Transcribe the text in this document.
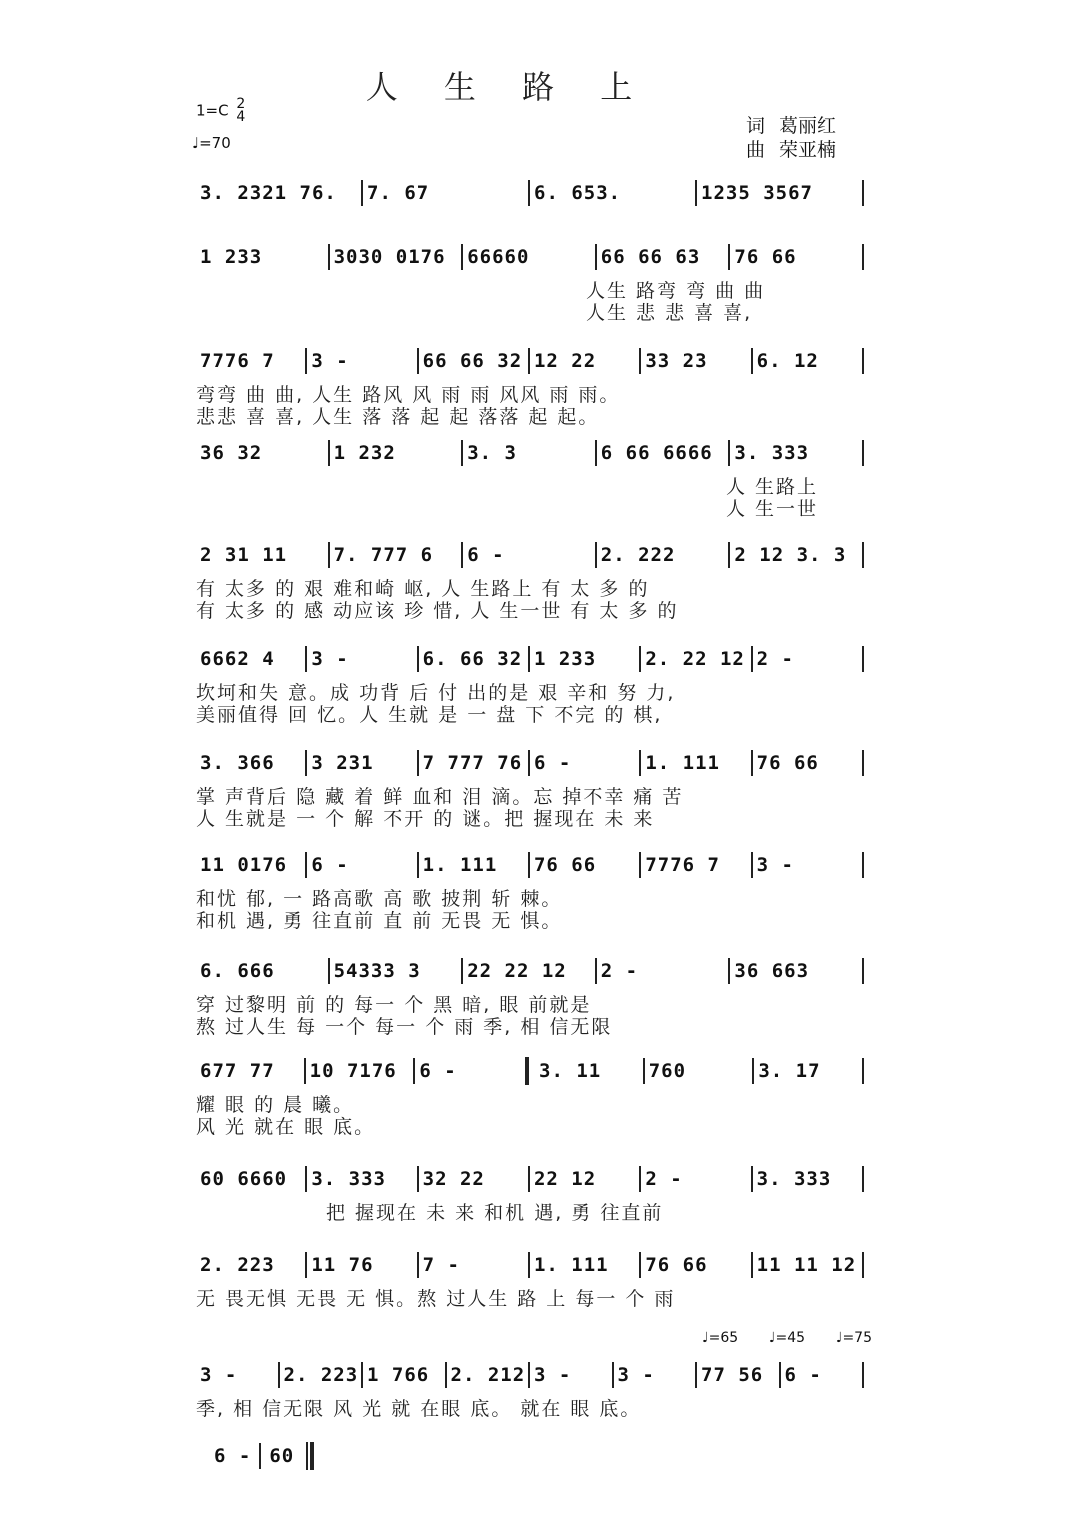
人 生 路 上
1=C 2
4
♩=70
词 葛丽红
曲 荣亚楠
3. 2321 76.	7. 67	6. 653.	1235 3567
1 233	3030 0176	66660	66 66 63	76 66
人生 路弯 弯 曲 曲
人生 悲 悲 喜 喜,
7776 7	3 -	66 66 32 12 22	33 23	6. 12
弯弯 曲 曲, 人生 路风 风 雨 雨 风风 雨 雨。
悲悲 喜 喜, 人生 落 落 起 起 落落 起 起。
36 32	1 232	3. 3	6 66 6666	3. 333
人 生路上
人 生一世
2 31 11	7. 777 6	6 -	2. 222	2 12 3. 3
有 太多 的 艰 难和崎 岖, 人 生路上 有 太 多 的
有 太多 的 感 动应该 珍 惜, 人 生一世 有 太 多 的
6662 4	3 -	6. 66 32 1 233	2. 22 12 2 -
坎坷和失 意。成 功背 后 付 出的是 艰 辛和 努 力,
美丽值得 回 忆。人 生就 是 一 盘 下 不完 的 棋,
3. 366	3 231	7 777 76 6 -	1. 111	76 66
掌 声背后 隐 藏 着 鲜 血和 泪 滴。忘 掉不幸 痛 苦
人 生就是 一 个 解 不开 的 谜。把 握现在 未 来
11 0176	6 -	1. 111	76 66	7776 7	3 -
和忧 郁, 一 路高歌 高 歌 披荆 斩 棘。
和机 遇, 勇 往直前 直 前 无畏 无 惧。
6. 666	54333 3	22 22 12	2 -	36 663
穿 过黎明 前 的 每一 个 黑 暗, 眼 前就是
熬 过人生 每 一个 每一 个 雨 季, 相 信无限
677 77	10 7176	6 -	3. 11	760	3. 17
耀 眼 的 晨 曦。
风 光 就在 眼 底。
60 6660	3. 333	32 22	22 12	2 -	3. 333
把 握现在 未 来 和机 遇, 勇 往直前
2. 223	11 76	7 -	1. 111	76 66	11 11 12
无 畏无惧 无畏 无 惧。熬 过人生 路 上 每一 个 雨
♩=65 ♩=45 ♩=75
3 -	2. 223 1 766	2. 212 3 -	3 -	77 56	6 -
季, 相 信无限 风 光 就 在眼 底。 就在 眼 底。
6 - 60
